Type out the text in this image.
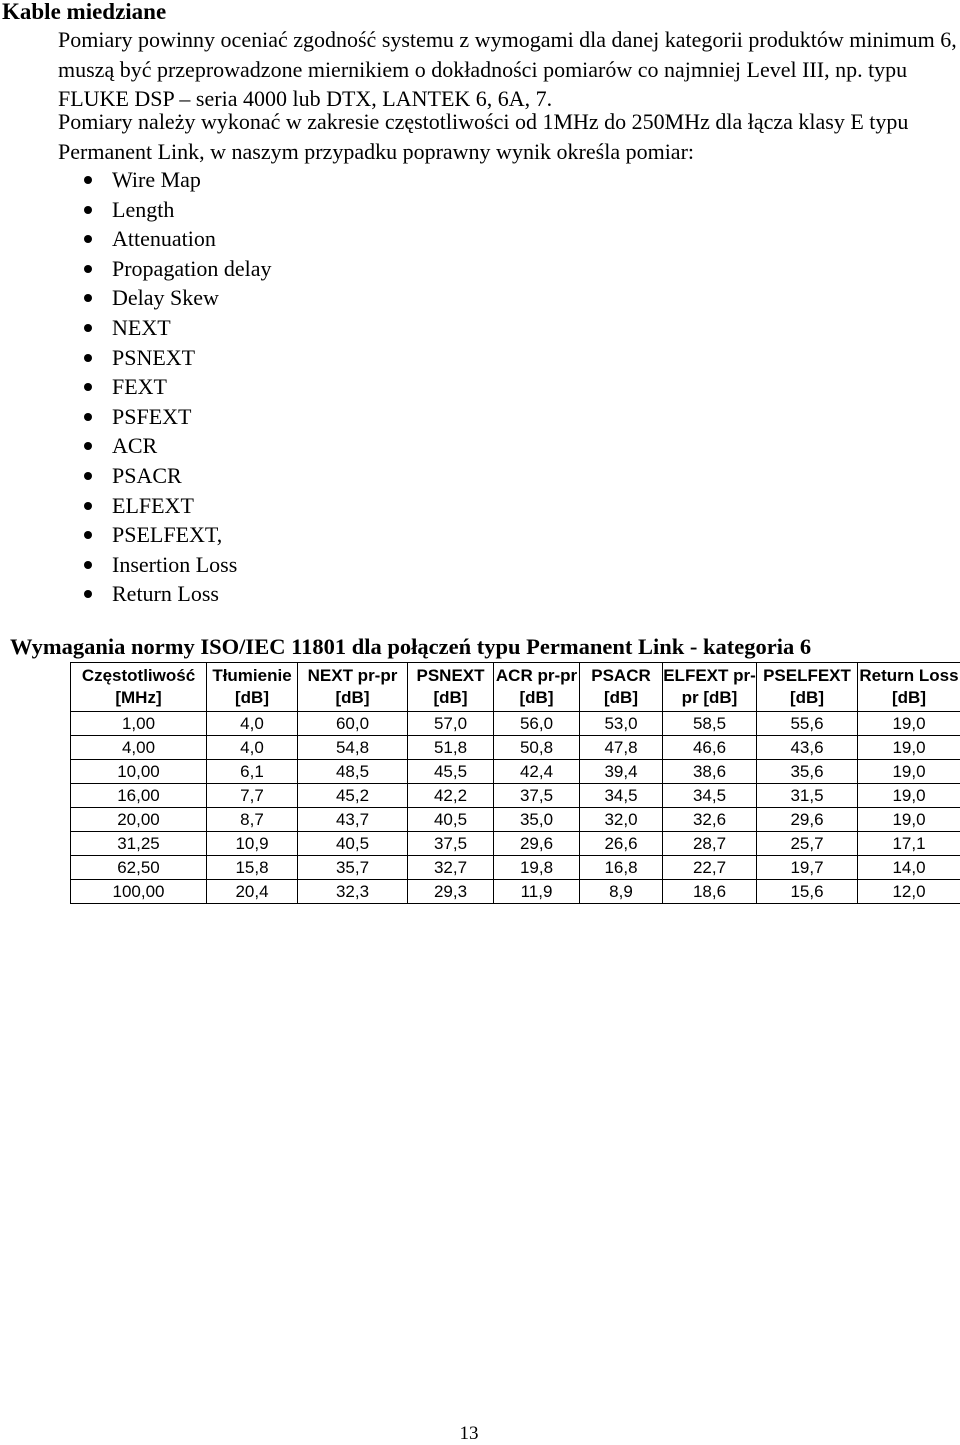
Kable miedziane
Pomiary powinny oceniać zgodność systemu z wymogami dla danej kategorii produktów minimum 6, muszą być przeprowadzone miernikiem o dokładności pomiarów co najmniej Level III, np. typu FLUKE DSP – seria 4000 lub DTX, LANTEK 6, 6A, 7.
Pomiary należy wykonać w zakresie częstotliwości od 1MHz do 250MHz dla łącza klasy E typu Permanent Link, w naszym przypadku poprawny wynik określa pomiar:
Wire Map
Length
Attenuation
Propagation delay
Delay Skew
NEXT
PSNEXT
FEXT
PSFEXT
ACR
PSACR
ELFEXT
PSELFEXT,
Insertion Loss
Return Loss
Wymagania normy ISO/IEC 11801 dla połączeń typu Permanent Link - kategoria 6
Częstotliwość [MHz]	Tłumienie [dB]	NEXT pr-pr [dB]	PSNEXT [dB]	ACR pr-pr [dB]	PSACR [dB]	ELFEXT pr-pr [dB]	PSELFEXT [dB]	Return Loss [dB]
1,00	4,0	60,0	57,0	56,0	53,0	58,5	55,6	19,0
4,00	4,0	54,8	51,8	50,8	47,8	46,6	43,6	19,0
10,00	6,1	48,5	45,5	42,4	39,4	38,6	35,6	19,0
16,00	7,7	45,2	42,2	37,5	34,5	34,5	31,5	19,0
20,00	8,7	43,7	40,5	35,0	32,0	32,6	29,6	19,0
31,25	10,9	40,5	37,5	29,6	26,6	28,7	25,7	17,1
62,50	15,8	35,7	32,7	19,8	16,8	22,7	19,7	14,0
100,00	20,4	32,3	29,3	11,9	8,9	18,6	15,6	12,0
13
